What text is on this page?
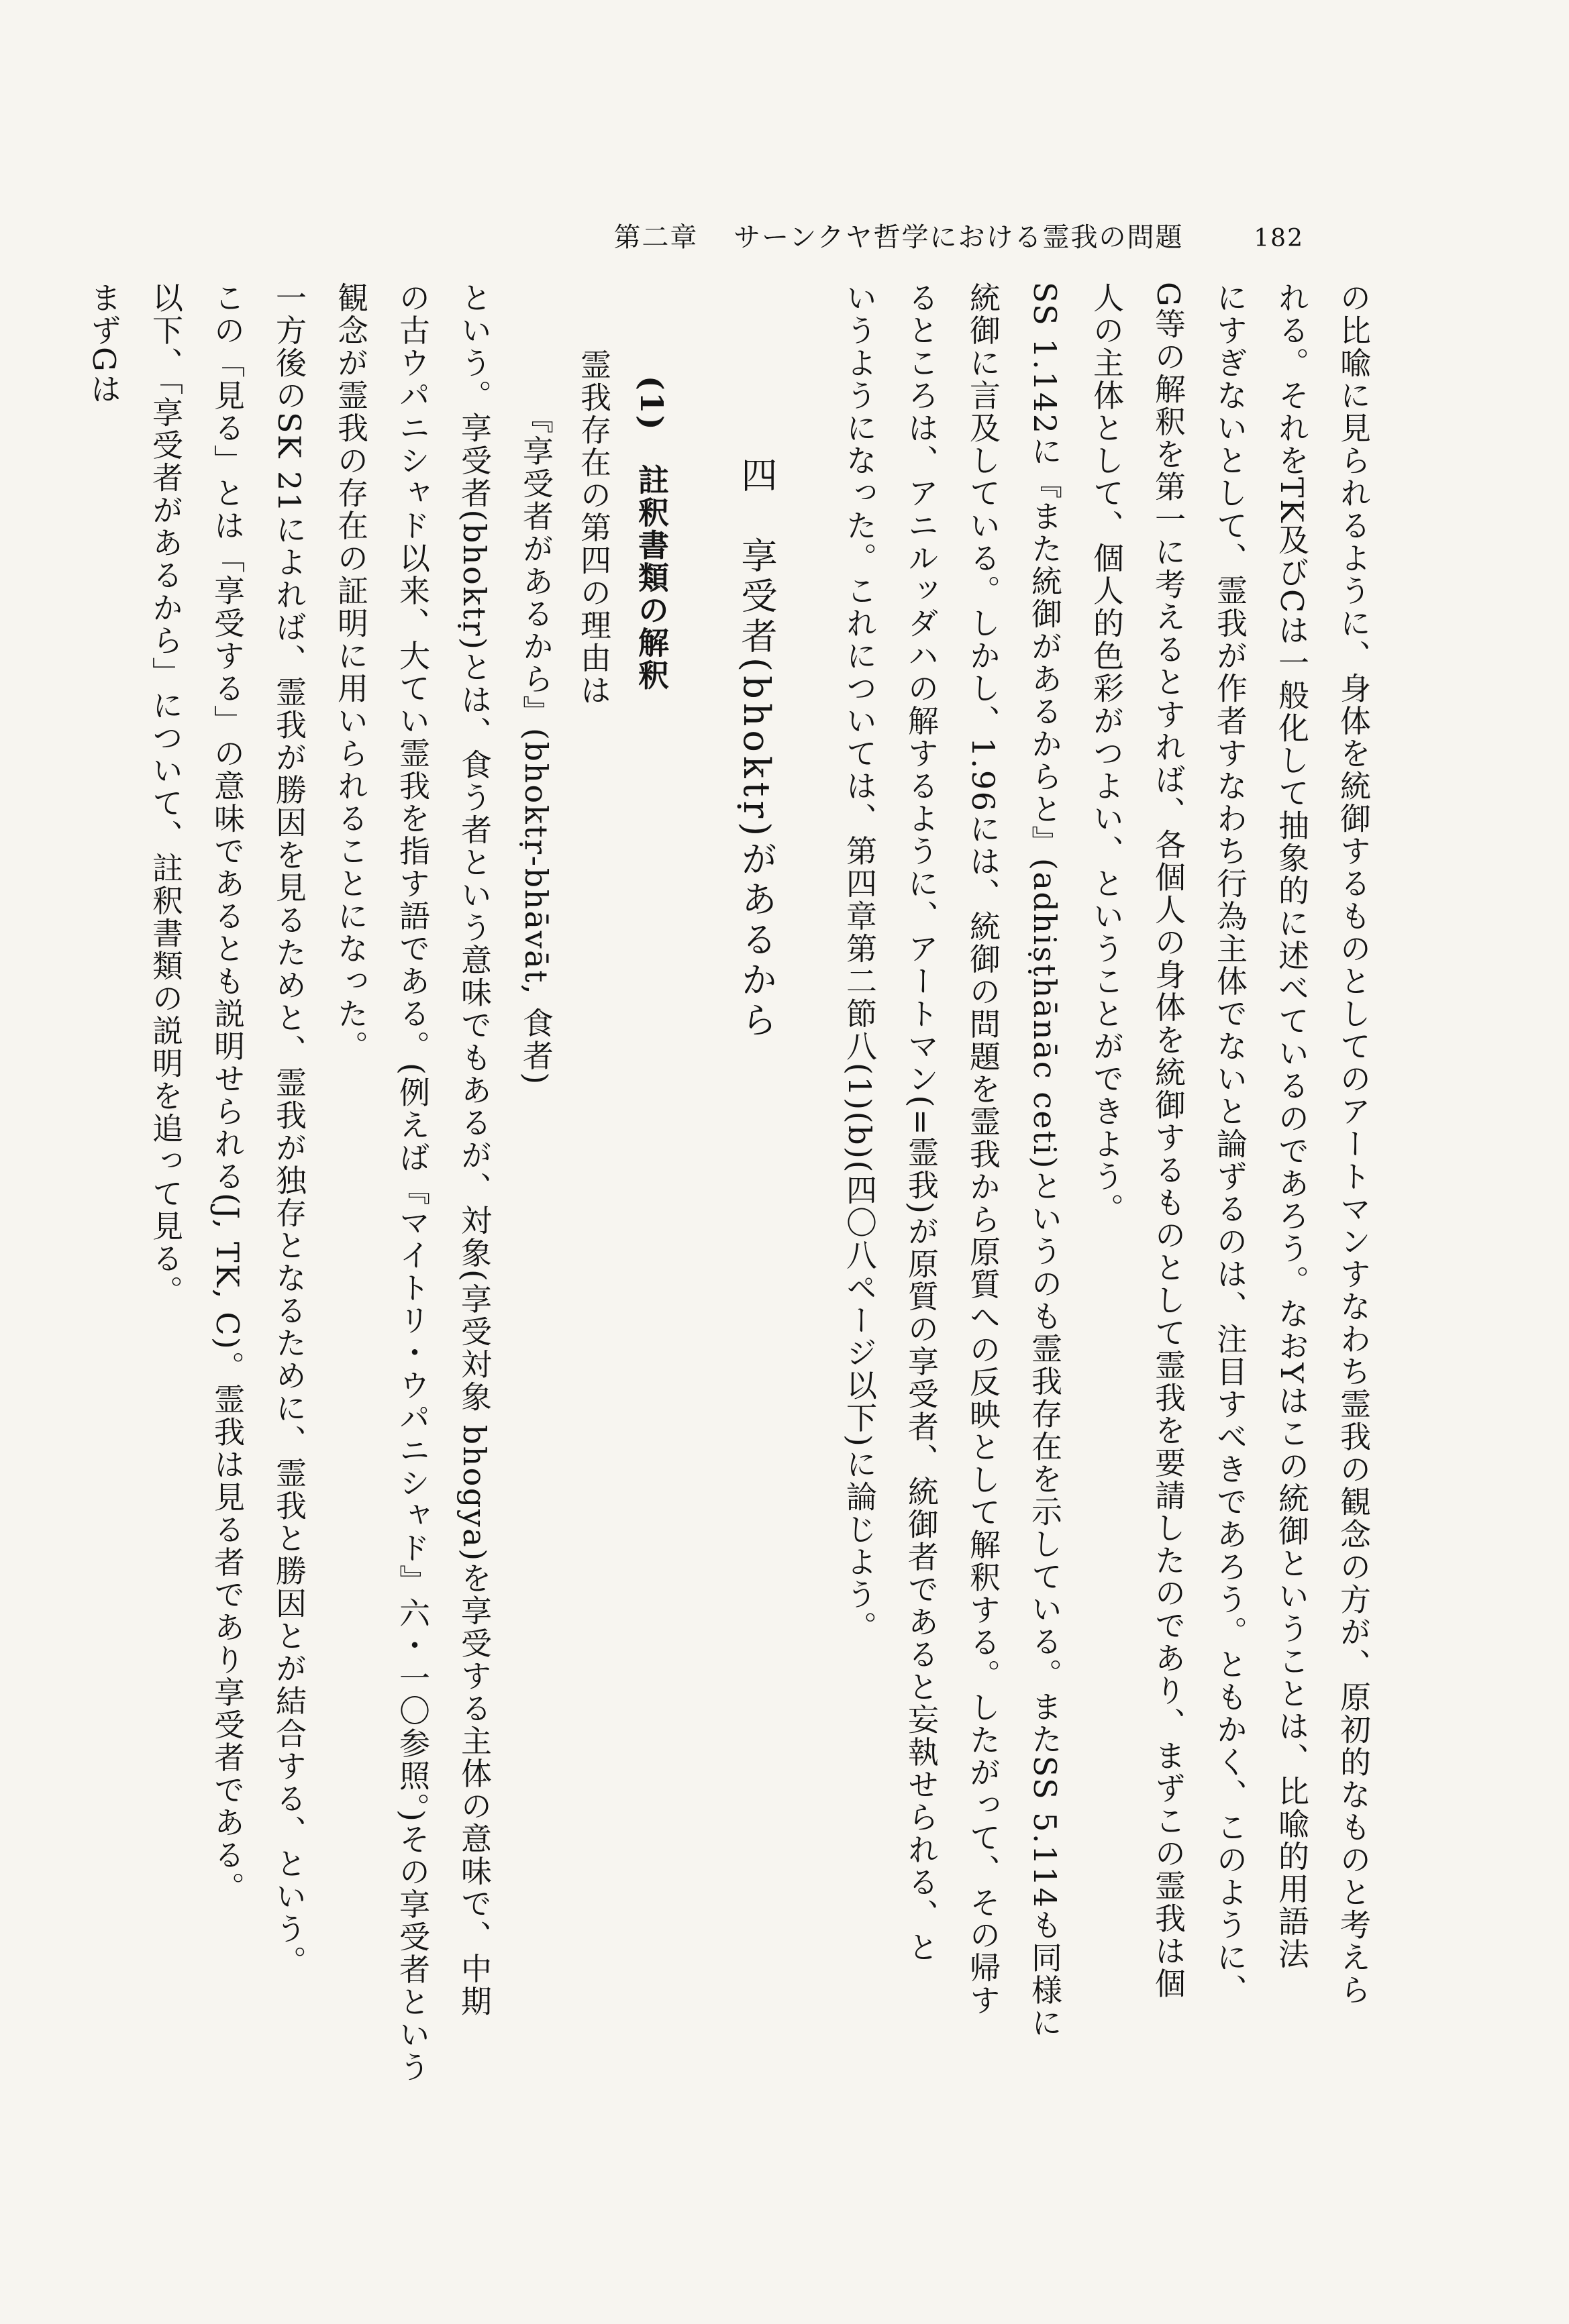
第二章 サーンクヤ哲学における霊我の問題	182
の比喩に見られるように、身体を統御するものとしてのアートマンすなわち霊我の観念の方が、原初的なものと考えら
れる。それをTK及びCは一般化して抽象的に述べているのであろう。なおYはこの統御ということは、比喩的用語法
にすぎないとして、霊我が作者すなわち行為主体でないと論ずるのは、注目すべきであろう。ともかく、このように、
G等の解釈を第一に考えるとすれば、各個人の身体を統御するものとして霊我を要請したのであり、まずこの霊我は個
人の主体として、個人的色彩がつよい、ということができよう。
SS 1.142に『また統御があるからと』(adhiṣṭhānāc ceti)というのも霊我存在を示している。またSS 5.114も同様に
統御に言及している。しかし、1.96には、統御の問題を霊我から原質への反映として解釈する。したがって、その帰す
るところは、アニルッダハの解するように、アートマン(=霊我)が原質の享受者、統御者であると妄執せられる、と
いうようになった。これについては、第四章第二節八(1)(b)(四〇八ページ以下)に論じよう。
四　享受者(bhoktṛ)があるから
(1)　註釈書類の解釈
霊我存在の第四の理由は
『享受者があるから』(bhoktṛ-bhāvāt, 食者)
という。享受者(bhoktṛ)とは、食う者という意味でもあるが、対象(享受対象 bhogya)を享受する主体の意味で、中期
の古ウパニシャド以来、大てい霊我を指す語である。(例えば『マイトリ・ウパニシャド』六・一〇参照。)その享受者という
観念が霊我の存在の証明に用いられることになった。
一方後のSK 21によれば、霊我が勝因を見るためと、霊我が独存となるために、霊我と勝因とが結合する、という。
この「見る」とは「享受する」の意味であるとも説明せられる(J, TK, C)。霊我は見る者であり享受者である。
以下、「享受者があるから」について、註釈書類の説明を追って見る。
まずGは
